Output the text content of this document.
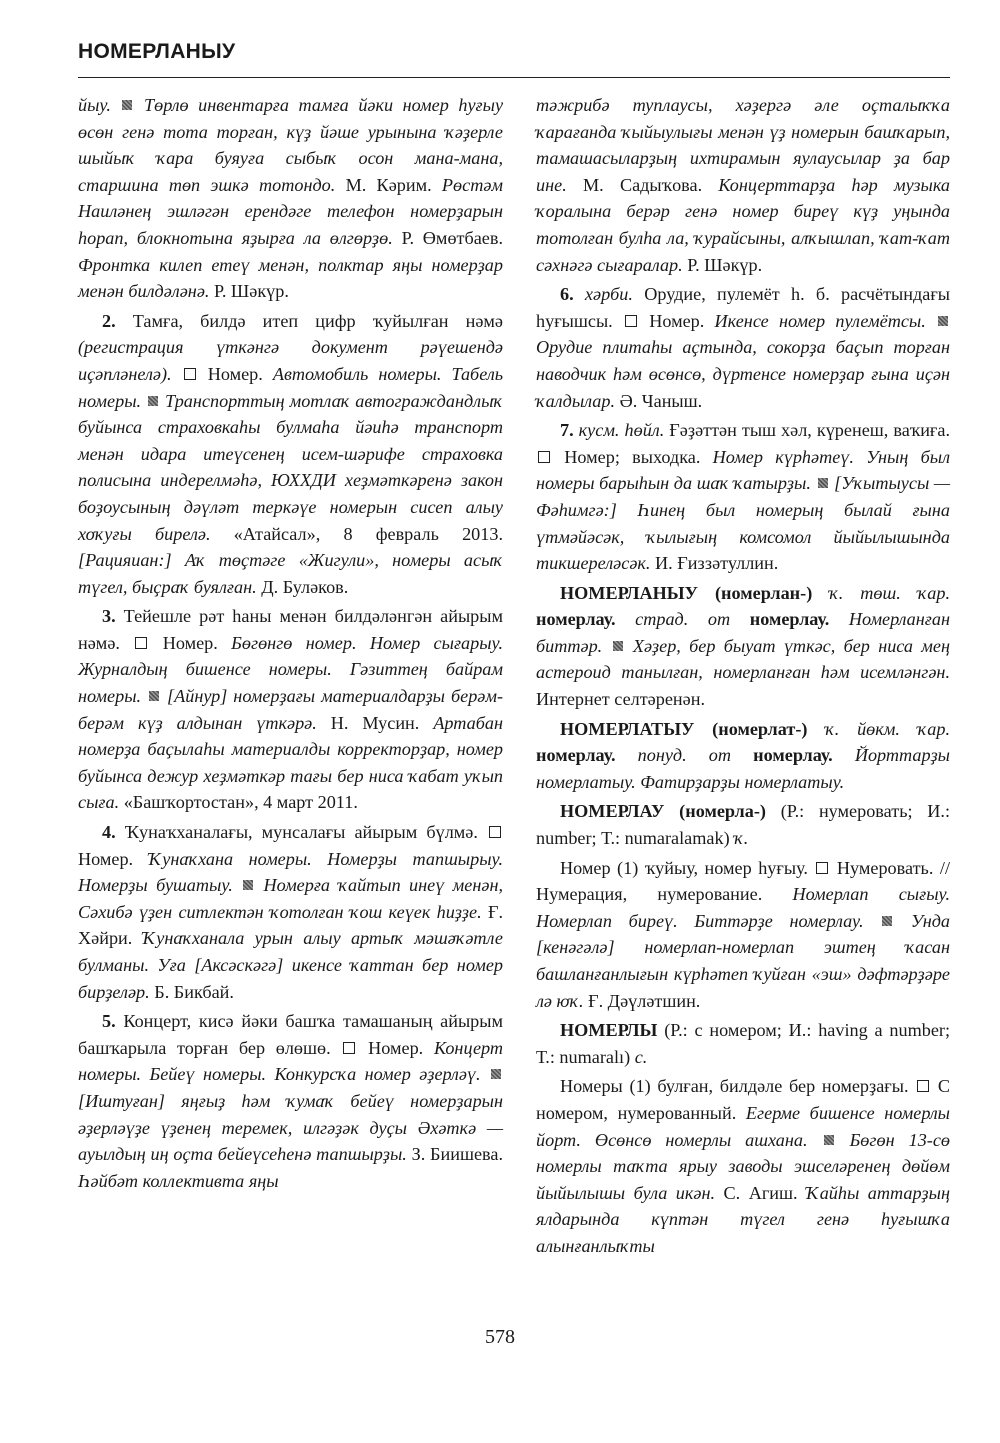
НОМЕРЛАНЫУ

йыу. Төрлө инвентарға тамға йәки номер һуғыу өсөн генә тота торған, күҙ йәше урынына ҡәҙерле шыйыҡ ҡара буяуға сыбыҡ осон мана-мана, старшина төп эшкә тотондо. М. Кәрим. Рөстәм Наиләнең эшләгән ерендәге телефон номерҙарын һорап, блокнотына яҙырға ла өлгөрҙө. Р. Өмөтбаев. Фронтка килеп етеү менән, полктар яңы номерҙар менән билдәләнә. Р. Шәкүр.

2. Тамға, билдә итеп цифр ҡуйылған нәмә (регистрация үткәнгә документ рәүешендә иҫәпләнелә). Номер. Автомобиль номеры. Табель номеры. Транспорттың мотлаҡ автограждандлыҡ буйынса страховкаһы булмаһа йәиһә транспорт менән идара итеүсенең исем-шәрифе страховка полисына индерелмәһә, ЮХХДИ хеҙмәткәренә закон боҙоусының дәүләт теркәүе номерын сисеп алыу хоҡуғы бирелә. «Атайсал», 8 февраль 2013. [Рацияиан:] Аҡ төҫтәге «Жигули», номеры асыҡ түгел, быҫраҡ буялған. Д. Буләков.

3. Тейешле рәт һаны менән билдәләнгән айырым нәмә. Номер. Бөгөнгө номер. Номер сығарыу. Журналдың бишенсе номеры. Гәзиттең байрам номеры. [Айнур] номерҙағы материалдарҙы берәм-берәм күҙ алдынан үткәрә. Н. Мусин. Артабан номерҙа баҫылаһы материалды корректорҙар, номер буйынса дежур хеҙмәткәр тағы бер ниса ҡабат уҡып сыға. «Башҡортостан», 4 март 2011.

4. Ҡунаҡханалағы, мунсалағы айырым бүлмә.  Номер. Ҡунаҡхана номеры. Номерҙы тапшырыу. Номерҙы бушатыу. Номерға ҡайтып инеү менән, Сәхибә үҙен ситлектән ҡотолған ҡош кеүек һиҙҙе. Ғ. Хәйри. Ҡунаҡханала урын алыу артыҡ мәшәҡәтле булманы. Уға [Аксәскәгә] икенсе ҡаттан бер номер бирҙеләр. Б. Бикбай.

5. Концерт, кисә йәки башҡа тамашаның айырым башҡарыла торған бер өлөшө. Номер. Концерт номеры. Бейеү номеры. Конкурсҡа номер әҙерләү.  [Иштуған] яңғыҙ һәм ҡумаҡ бейеү номерҙарын әҙерләүҙе үҙенең теремек, илгәҙәк дуҫы Әхәткә — ауылдың иң оҫта бейеүсеһенә тапшырҙы. З. Биишева. Һәйбәт коллективта яңы

тәжрибә туплаусы, хәҙергә әле оҫталыҡҡа ҡарағанда ҡыйыулығы менән үҙ номерын башҡарып, тамашасыларҙың ихтирамын яулаусылар ҙа бар ине. М. Садыҡова. Концерттарҙа һәр музыка ҡоралына берәр генә номер биреү күҙ уңында тотолған булһа ла, ҡурайсыны, алҡышлап, ҡат-ҡат сәхнәгә сығаралар. Р. Шәкүр.

6. хәрби. Орудие, пулемёт һ. б. расчётындағы һуғышсы. Номер. Икенсе номер пулемётсы.  Орудие плитаһы аҫтында, сокорҙа баҫып торған наводчик һәм өсөнсө, дүртенсе номерҙар ғына иҫән ҡалдылар. Ә. Чаныш.

7. кусм. һөйл. Ғәҙәттән тыш хәл, күренеш, ваҡиға.  Номер; выходка. Номер күрһәтеү. Уның был номеры барыһын да шаҡ ҡатырҙы. [Уҡытыусы — Фәһимгә:] Һинең был номерың былай ғына үтмәйәсәк, ҡылығың комсомол йыйылышында тикшереләсәк. И. Ғиззәтуллин.

НОМЕРЛАНЫУ (номерлан-) ҡ. төш. ҡар. номерлау. страд. от номерлау. Номерланған биттәр. Хәҙер, бер быуат үткәс, бер ниса мең астероид танылған, номерланған һәм исемләнгән. Интернет селтәренән.

НОМЕРЛАТЫУ (номерлат-) ҡ. йөкм. ҡар. номерлау. понуд. от номерлау. Йорттарҙы номерлатыу. Фатирҙарҙы номерлатыу.

НОМЕРЛАУ (номерла-) (Р.: нумеровать; И.: number; Т.: numaralamak) ҡ.

Номер (1) ҡуйыу, номер һуғыу. Нумеровать. // Нумерация, нумерование. Номерлап сығыу. Номерлап биреү. Биттәрҙе номерлау.	Унда [кенәгәлә] номерлап-номерлап эштең ҡасан башланғанлығын күрһәтеп ҡуйған «эш» дәфтәрҙәре лә юҡ. Ғ. Дәүләтшин.

НОМЕРЛЫ (Р.: с номером; И.: having a number; Т.: numaralı) с.

Номеры (1) булған, билдәле бер номерҙағы. С номером, нумерованный. Егерме бишенсе номерлы йорт. Өсөнсө номерлы ашхана. Бөгөн 13-сө номерлы таҡта ярыу заводы эшселәренең дөйөм йыйылышы була икән. С. Агиш. Ҡайһы аттарҙың ялдарында күптән түгел генә һуғышҡа алынғанлыҡты

578
